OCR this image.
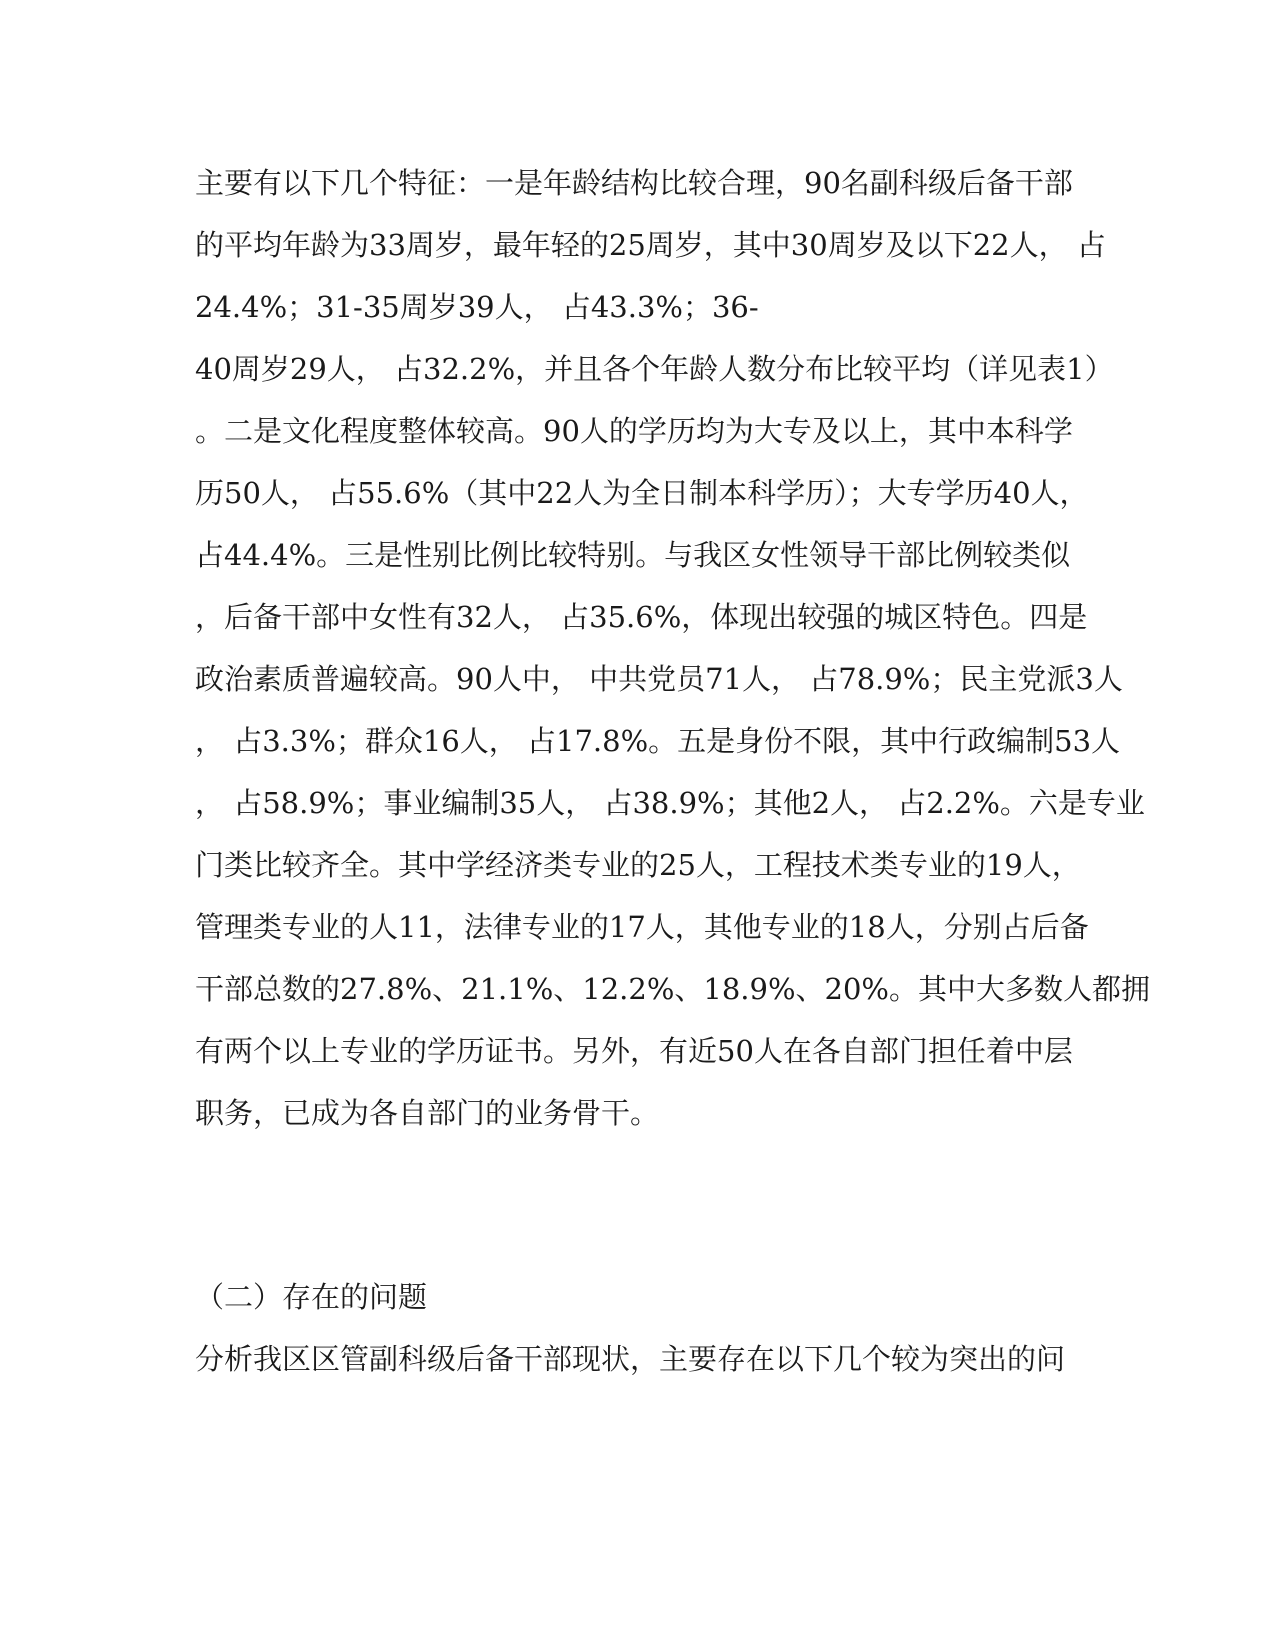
主要有以下几个特征：一是年龄结构比较合理，90名副科级后备干部
的平均年龄为33周岁，最年轻的25周岁，其中30周岁及以下22人， 占
24.4%；31-35周岁39人， 占43.3%；36-
40周岁29人， 占32.2%，并且各个年龄人数分布比较平均（详见表1）
。二是文化程度整体较高。90人的学历均为大专及以上，其中本科学
历50人， 占55.6%（其中22人为全日制本科学历）；大专学历40人，
占44.4%。三是性别比例比较特别。与我区女性领导干部比例较类似
，后备干部中女性有32人， 占35.6%，体现出较强的城区特色。四是
政治素质普遍较高。90人中， 中共党员71人， 占78.9%；民主党派3人
， 占3.3%；群众16人， 占17.8%。五是身份不限，其中行政编制53人
， 占58.9%；事业编制35人， 占38.9%；其他2人， 占2.2%。六是专业
门类比较齐全。其中学经济类专业的25人，工程技术类专业的19人，
管理类专业的人11，法律专业的17人，其他专业的18人，分别占后备
干部总数的27.8%、21.1%、12.2%、18.9%、20%。其中大多数人都拥
有两个以上专业的学历证书。另外，有近50人在各自部门担任着中层
职务，已成为各自部门的业务骨干。
（二）存在的问题
分析我区区管副科级后备干部现状，主要存在以下几个较为突出的问
